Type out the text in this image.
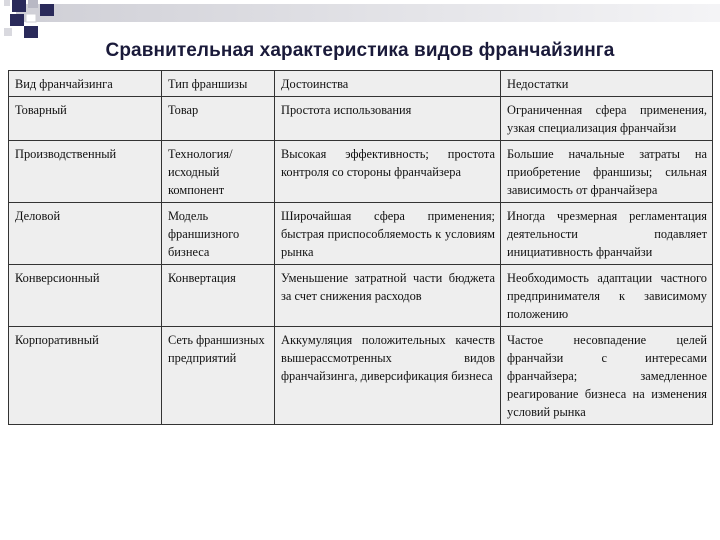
Сравнительная характеристика видов франчайзинга
Вид франчайзинга	Тип франшизы	Достоинства	Недостатки
Товарный	Товар	Простота использования	Ограниченная сфера применения, узкая специализация франчайзи
Производственный	Технология/ исходный компонент	Высокая эффективность; простота контроля со стороны франчайзера	Большие начальные затраты на приобретение франшизы; сильная зависимость от франчайзера
Деловой	Модель франшизного бизнеса	Широчайшая сфера применения; быстрая приспособляемость к условиям рынка	Иногда чрезмерная регламентация деятельности подавляет инициативность франчайзи
Конверсионный	Конвертация	Уменьшение затратной части бюджета за счет снижения расходов	Необходимость адаптации частного предпринимателя к зависимому положению
Корпоративный	Сеть франшизных предприятий	Аккумуляция положительных качеств вышерассмотренных видов франчайзинга, диверсификация бизнеса	Частое несовпадение целей франчайзи с интересами франчайзера; замедленное реагирование бизнеса на изменения условий рынка
